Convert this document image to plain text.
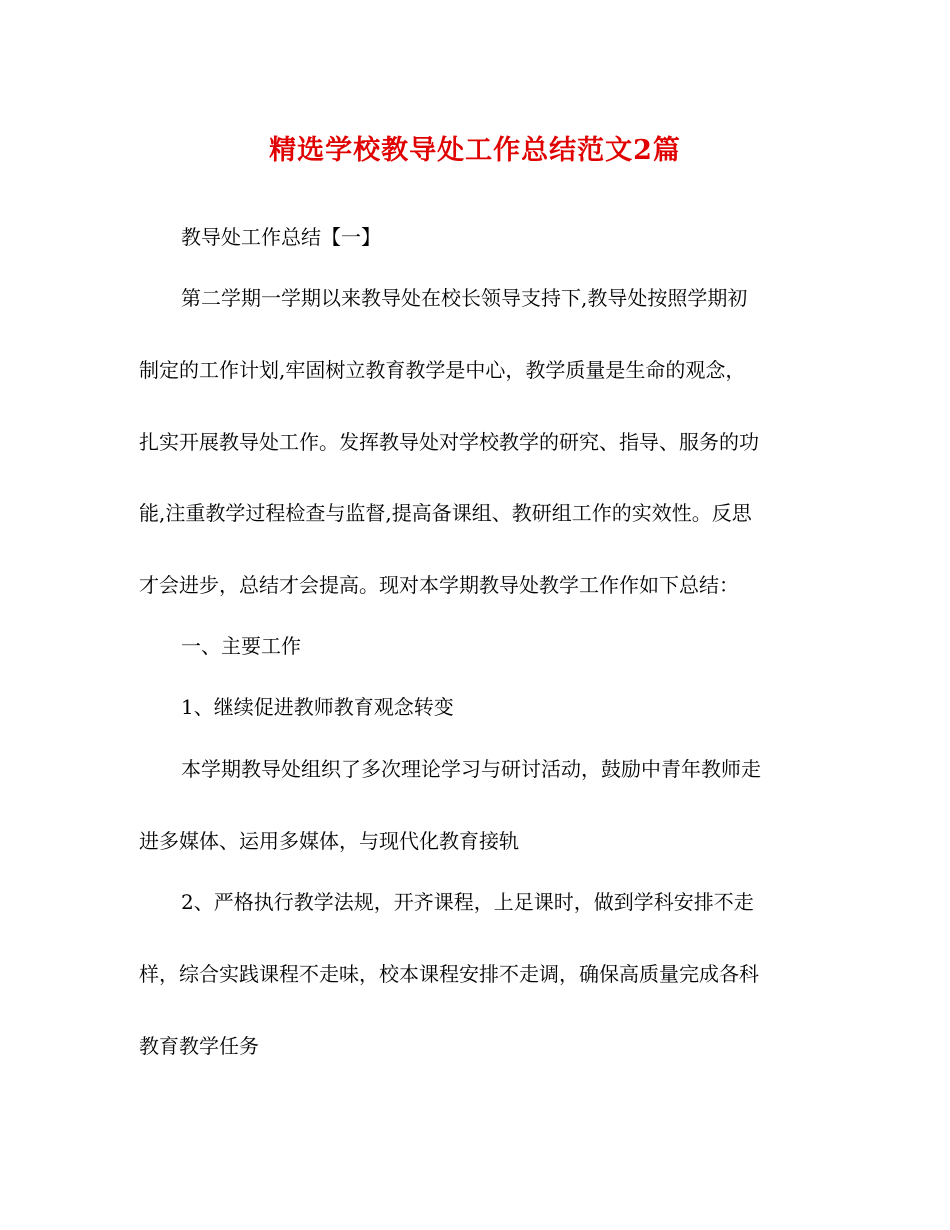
精选学校教导处工作总结范文2篇
教导处工作总结【一】
第二学期一学期以来教导处在校长领导支持下,教导处按照学期初
制定的工作计划,牢固树立教育教学是中心，教学质量是生命的观念，
扎实开展教导处工作。发挥教导处对学校教学的研究、指导、服务的功
能,注重教学过程检查与监督,提高备课组、教研组工作的实效性。反思
才会进步，总结才会提高。现对本学期教导处教学工作作如下总结：
一、主要工作
1、继续促进教师教育观念转变
本学期教导处组织了多次理论学习与研讨活动，鼓励中青年教师走
进多媒体、运用多媒体，与现代化教育接轨
2、严格执行教学法规，开齐课程，上足课时，做到学科安排不走
样，综合实践课程不走味，校本课程安排不走调，确保高质量完成各科
教育教学任务
